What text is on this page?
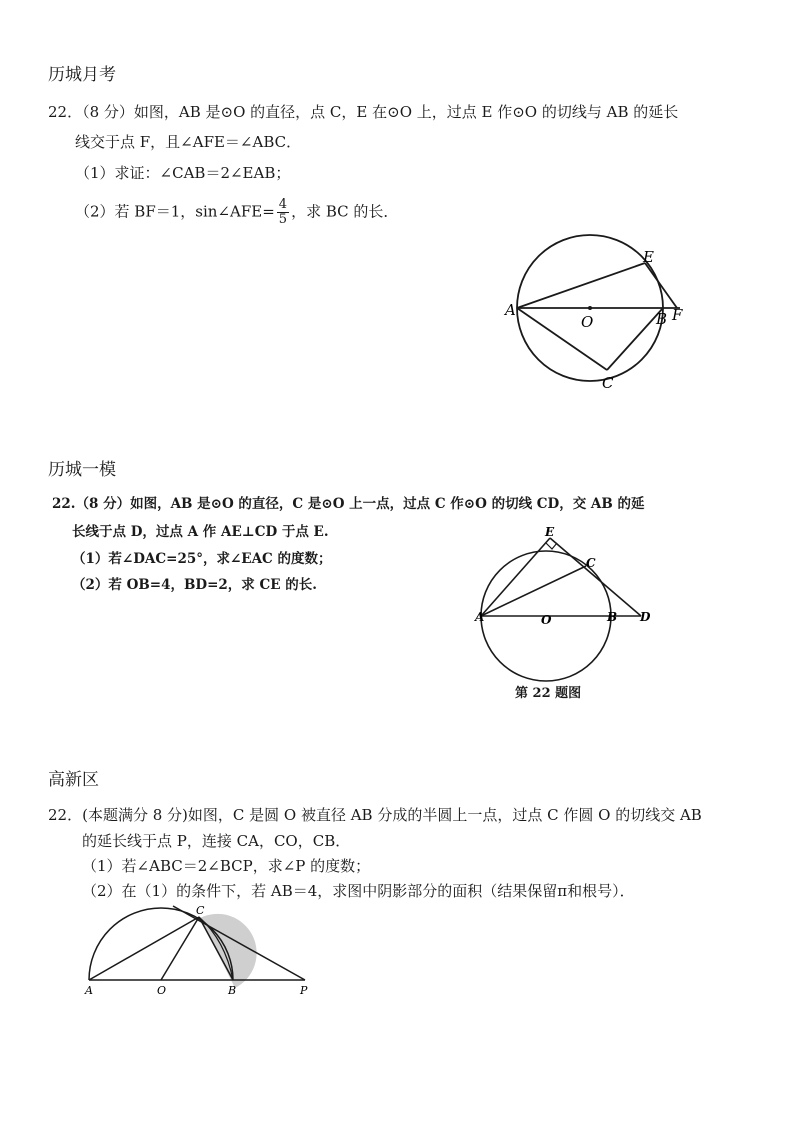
历城月考
22．（8 分）如图，AB 是⊙O 的直径，点 C，E 在⊙O 上，过点 E 作⊙O 的切线与 AB 的延长
线交于点 F，且∠AFE＝∠ABC．
（1）求证：∠CAB＝2∠EAB；
（2）若 BF＝1，sin∠AFE= $\frac{4}{5}$ ，求 BC 的长．
A
O	B F
E
C
历城一模
22.（8 分）如图，AB 是⊙O 的直径，C 是⊙O 上一点，过点 C 作⊙O 的切线 CD，交 AB 的延
长线于点 D，过点 A 作 AE⊥CD 于点 E.
（1）若∠DAC=25°，求∠EAC 的度数；
（2）若 OB=4，BD=2，求 CE 的长.
E
C
A	O	B D
第 22 题图
高新区
22．(本题满分 8 分)如图，C 是圆 O 被直径 AB 分成的半圆上一点，过点 C 作圆 O 的切线交 AB
的延长线于点 P，连接 CA，CO，CB．
（1）若∠ABC＝2∠BCP，求∠P 的度数；
（2）在（1）的条件下，若 AB＝4，求图中阴影部分的面积（结果保留π和根号）．
C
A	O	B	P
